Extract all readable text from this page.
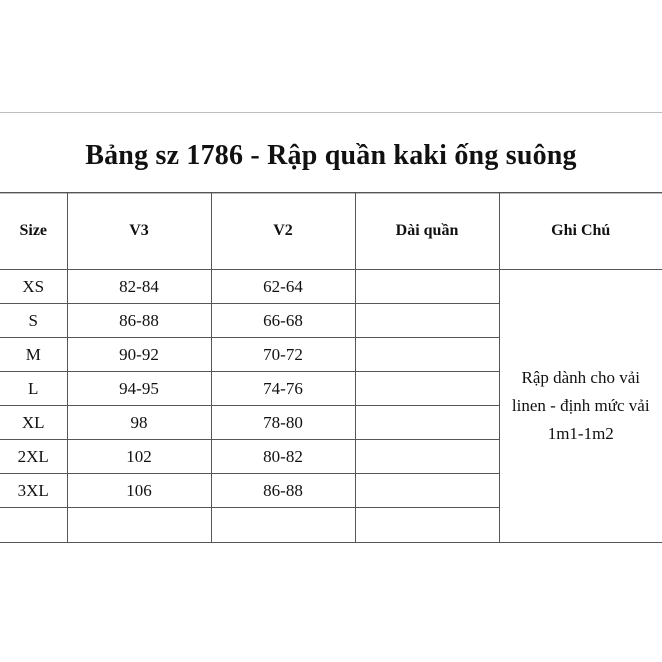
Bảng sz 1786 - Rập quần kaki ống suông
Size	V3	V2	Dài quần	Ghi Chú
XS	82-84	62-64		Rập dành cho vải
linen - định mức vải
1m1-1m2

S	86-88	66-68		
M	90-92	70-72		
L	94-95	74-76		
XL	98	78-80		
2XL	102	80-82		
3XL	106	86-88		
